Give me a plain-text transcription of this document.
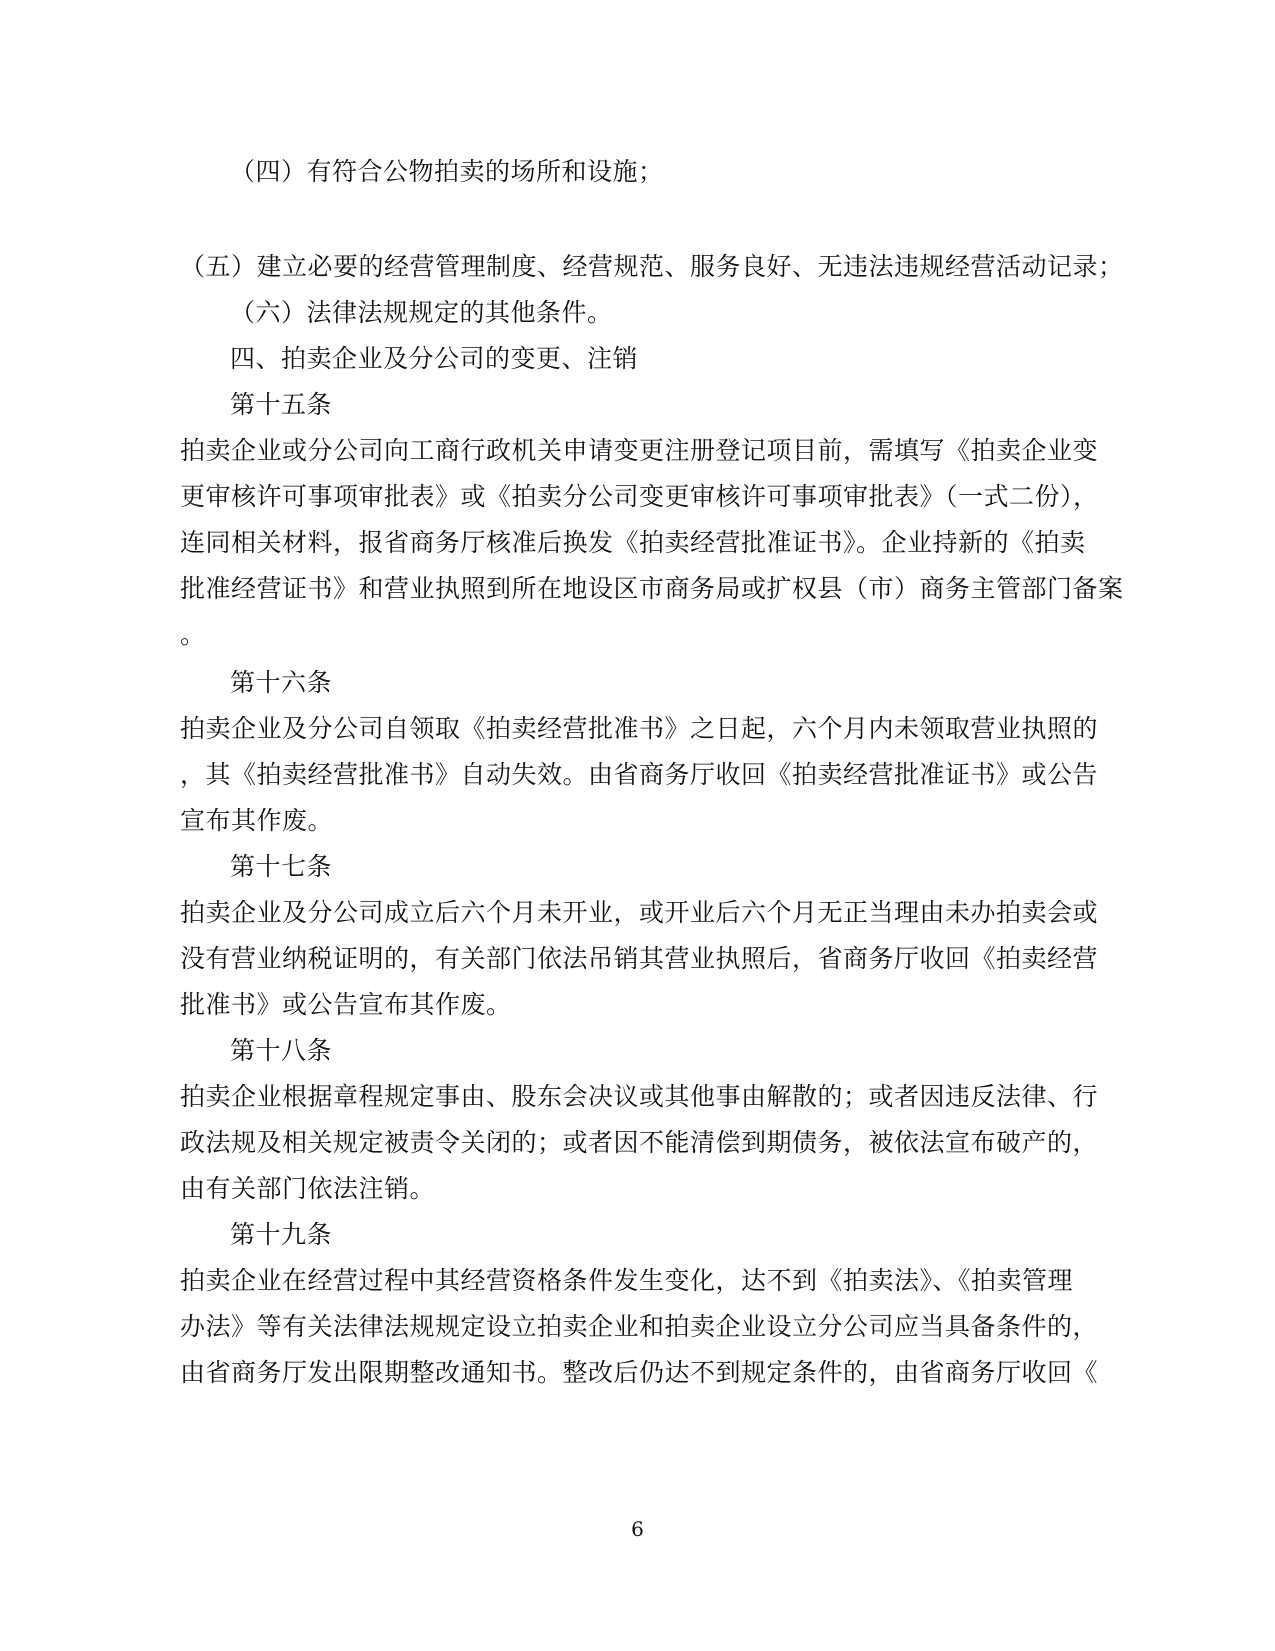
（四）有符合公物拍卖的场所和设施；
（五）建立必要的经营管理制度、经营规范、服务良好、无违法违规经营活动记录；
（六）法律法规规定的其他条件。
四、拍卖企业及分公司的变更、注销
第十五条
拍卖企业或分公司向工商行政机关申请变更注册登记项目前，需填写《拍卖企业变
更审核许可事项审批表》或《拍卖分公司变更审核许可事项审批表》（一式二份），
连同相关材料，报省商务厅核准后换发《拍卖经营批准证书》。企业持新的《拍卖
批准经营证书》和营业执照到所在地设区市商务局或扩权县（市）商务主管部门备案
。
第十六条
拍卖企业及分公司自领取《拍卖经营批准书》之日起，六个月内未领取营业执照的
，其《拍卖经营批准书》自动失效。由省商务厅收回《拍卖经营批准证书》或公告
宣布其作废。
第十七条
拍卖企业及分公司成立后六个月未开业，或开业后六个月无正当理由未办拍卖会或
没有营业纳税证明的，有关部门依法吊销其营业执照后，省商务厅收回《拍卖经营
批准书》或公告宣布其作废。
第十八条
拍卖企业根据章程规定事由、股东会决议或其他事由解散的；或者因违反法律、行
政法规及相关规定被责令关闭的；或者因不能清偿到期债务，被依法宣布破产的，
由有关部门依法注销。
第十九条
拍卖企业在经营过程中其经营资格条件发生变化，达不到《拍卖法》、《拍卖管理
办法》等有关法律法规规定设立拍卖企业和拍卖企业设立分公司应当具备条件的，
由省商务厅发出限期整改通知书。整改后仍达不到规定条件的，由省商务厅收回《
6
